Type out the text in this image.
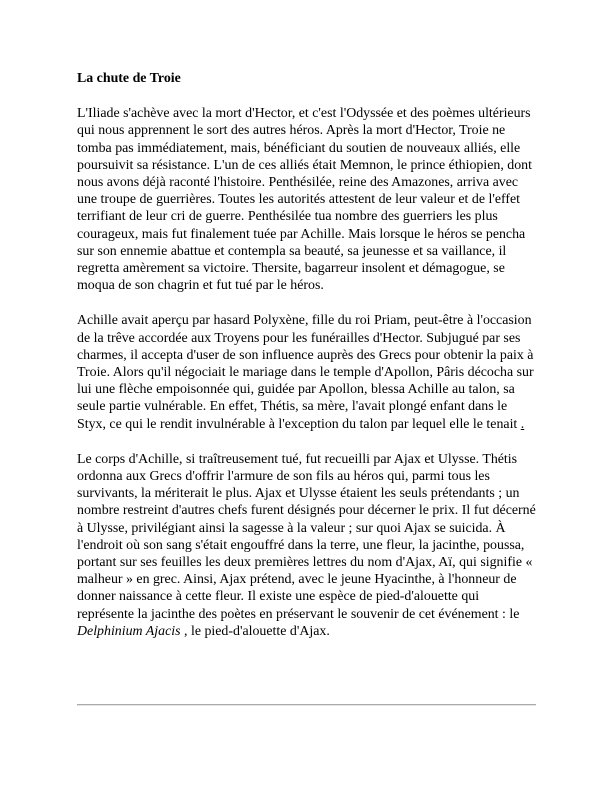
La chute de Troie

L'Iliade s'achève avec la mort d'Hector, et c'est l'Odyssée et des poèmes ultérieurs qui nous apprennent le sort des autres héros. Après la mort d'Hector, Troie ne tomba pas immédiatement, mais, bénéficiant du soutien de nouveaux alliés, elle poursuivit sa résistance. L'un de ces alliés était Memnon, le prince éthiopien, dont nous avons déjà raconté l'histoire. Penthésilée, reine des Amazones, arriva avec une troupe de guerrières. Toutes les autorités attestent de leur valeur et de l'effet terrifiant de leur cri de guerre. Penthésilée tua nombre des guerriers les plus courageux, mais fut finalement tuée par Achille. Mais lorsque le héros se pencha sur son ennemie abattue et contempla sa beauté, sa jeunesse et sa vaillance, il regretta amèrement sa victoire. Thersite, bagarreur insolent et démagogue, se moqua de son chagrin et fut tué par le héros.

Achille avait aperçu par hasard Polyxène, fille du roi Priam, peut-être à l'occasion de la trêve accordée aux Troyens pour les funérailles d'Hector. Subjugué par ses charmes, il accepta d'user de son influence auprès des Grecs pour obtenir la paix à Troie. Alors qu'il négociait le mariage dans le temple d'Apollon, Pâris décocha sur lui une flèche empoisonnée qui, guidée par Apollon, blessa Achille au talon, sa seule partie vulnérable. En effet, Thétis, sa mère, l'avait plongé enfant dans le Styx, ce qui le rendit invulnérable à l'exception du talon par lequel elle le tenait .

Le corps d'Achille, si traîtreusement tué, fut recueilli par Ajax et Ulysse. Thétis ordonna aux Grecs d'offrir l'armure de son fils au héros qui, parmi tous les survivants, la mériterait le plus. Ajax et Ulysse étaient les seuls prétendants ; un nombre restreint d'autres chefs furent désignés pour décerner le prix. Il fut décerné à Ulysse, privilégiant ainsi la sagesse à la valeur ; sur quoi Ajax se suicida. À l'endroit où son sang s'était engouffré dans la terre, une fleur, la jacinthe, poussa, portant sur ses feuilles les deux premières lettres du nom d'Ajax, Aï, qui signifie « malheur » en grec. Ainsi, Ajax prétend, avec le jeune Hyacinthe, à l'honneur de donner naissance à cette fleur. Il existe une espèce de pied-d'alouette qui représente la jacinthe des poètes en préservant le souvenir de cet événement : le Delphinium Ajacis , le pied-d'alouette d'Ajax.
